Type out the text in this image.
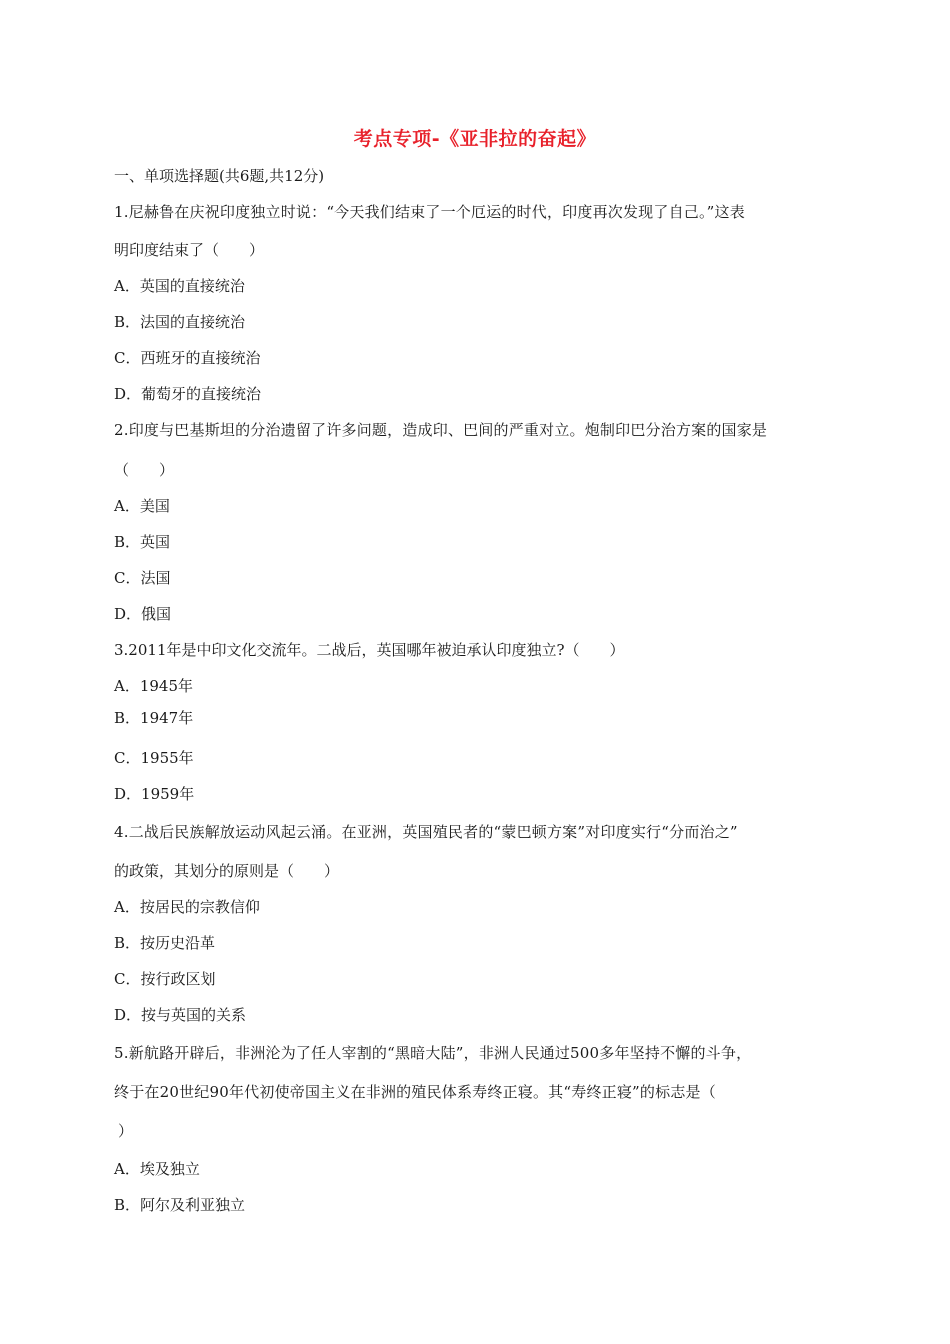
考点专项-《亚非拉的奋起》
一、单项选择题(共6题,共12分)
1.尼赫鲁在庆祝印度独立时说：“今天我们结束了一个厄运的时代，印度再次发现了自己。”这表
明印度结束了（　　）
A．英国的直接统治
B．法国的直接统治
C．西班牙的直接统治
D．葡萄牙的直接统治
2.印度与巴基斯坦的分治遗留了许多问题，造成印、巴间的严重对立。炮制印巴分治方案的国家是
（　　）
A．美国
B．英国
C．法国
D．俄国
3.2011年是中印文化交流年。二战后，英国哪年被迫承认印度独立?（　　）
A．1945年
B．1947年
C．1955年
D．1959年
4.二战后民族解放运动风起云涌。在亚洲，英国殖民者的“蒙巴顿方案”对印度实行“分而治之”
的政策，其划分的原则是（　　）
A．按居民的宗教信仰
B．按历史沿革
C．按行政区划
D．按与英国的关系
5.新航路开辟后，非洲沦为了任人宰割的“黑暗大陆”，非洲人民通过500多年坚持不懈的斗争，
终于在20世纪90年代初使帝国主义在非洲的殖民体系寿终正寝。其“寿终正寝”的标志是（
）
A．埃及独立
B．阿尔及利亚独立
